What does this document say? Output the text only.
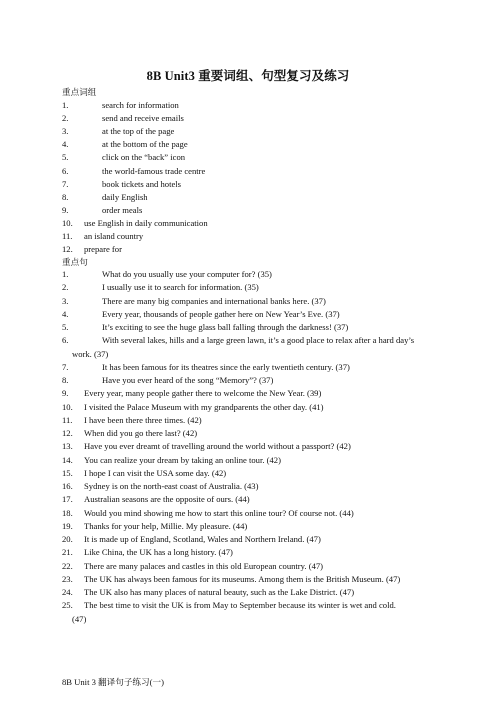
8B Unit3 重要词组、句型复习及练习
重点词组
1.	search for information
2.	send and receive emails
3.	at the top of the page
4.	at the bottom of the page
5.	click on the “back” icon
6.	the world-famous trade centre
7.	book tickets and hotels
8.	daily English
9.	order meals
10. use English in daily communication
11. an island country
12. prepare for
重点句
1.	What do you usually use your computer for? (35)
2.	I usually use it to search for information. (35)
3.	There are many big companies and international banks here. (37)
4.	Every year, thousands of people gather here on New Year’s Eve. (37)
5.	It’s exciting to see the huge glass ball falling through the darkness! (37)
6.	With several lakes, hills and a large green lawn, it’s a good place to relax after a hard day’s
work. (37)
7.	It has been famous for its theatres since the early twentieth century. (37)
8.	Have you ever heard of the song “Memory”? (37)
9. Every year, many people gather there to welcome the New Year. (39)
10. I visited the Palace Museum with my grandparents the other day. (41)
11. I have been there three times. (42)
12. When did you go there last? (42)
13. Have you ever dreamt of travelling around the world without a passport? (42)
14. You can realize your dream by taking an online tour. (42)
15. I hope I can visit the USA some day. (42)
16. Sydney is on the north-east coast of Australia. (43)
17. Australian seasons are the opposite of ours. (44)
18. Would you mind showing me how to start this online tour? Of course not. (44)
19. Thanks for your help, Millie. My pleasure. (44)
20. It is made up of England, Scotland, Wales and Northern Ireland. (47)
21. Like China, the UK has a long history. (47)
22. There are many palaces and castles in this old European country. (47)
23. The UK has always been famous for its museums. Among them is the British Museum. (47)
24. The UK also has many places of natural beauty, such as the Lake District. (47)
25. The best time to visit the UK is from May to September because its winter is wet and cold.
(47)
8B Unit 3 翻译句子练习(一)
